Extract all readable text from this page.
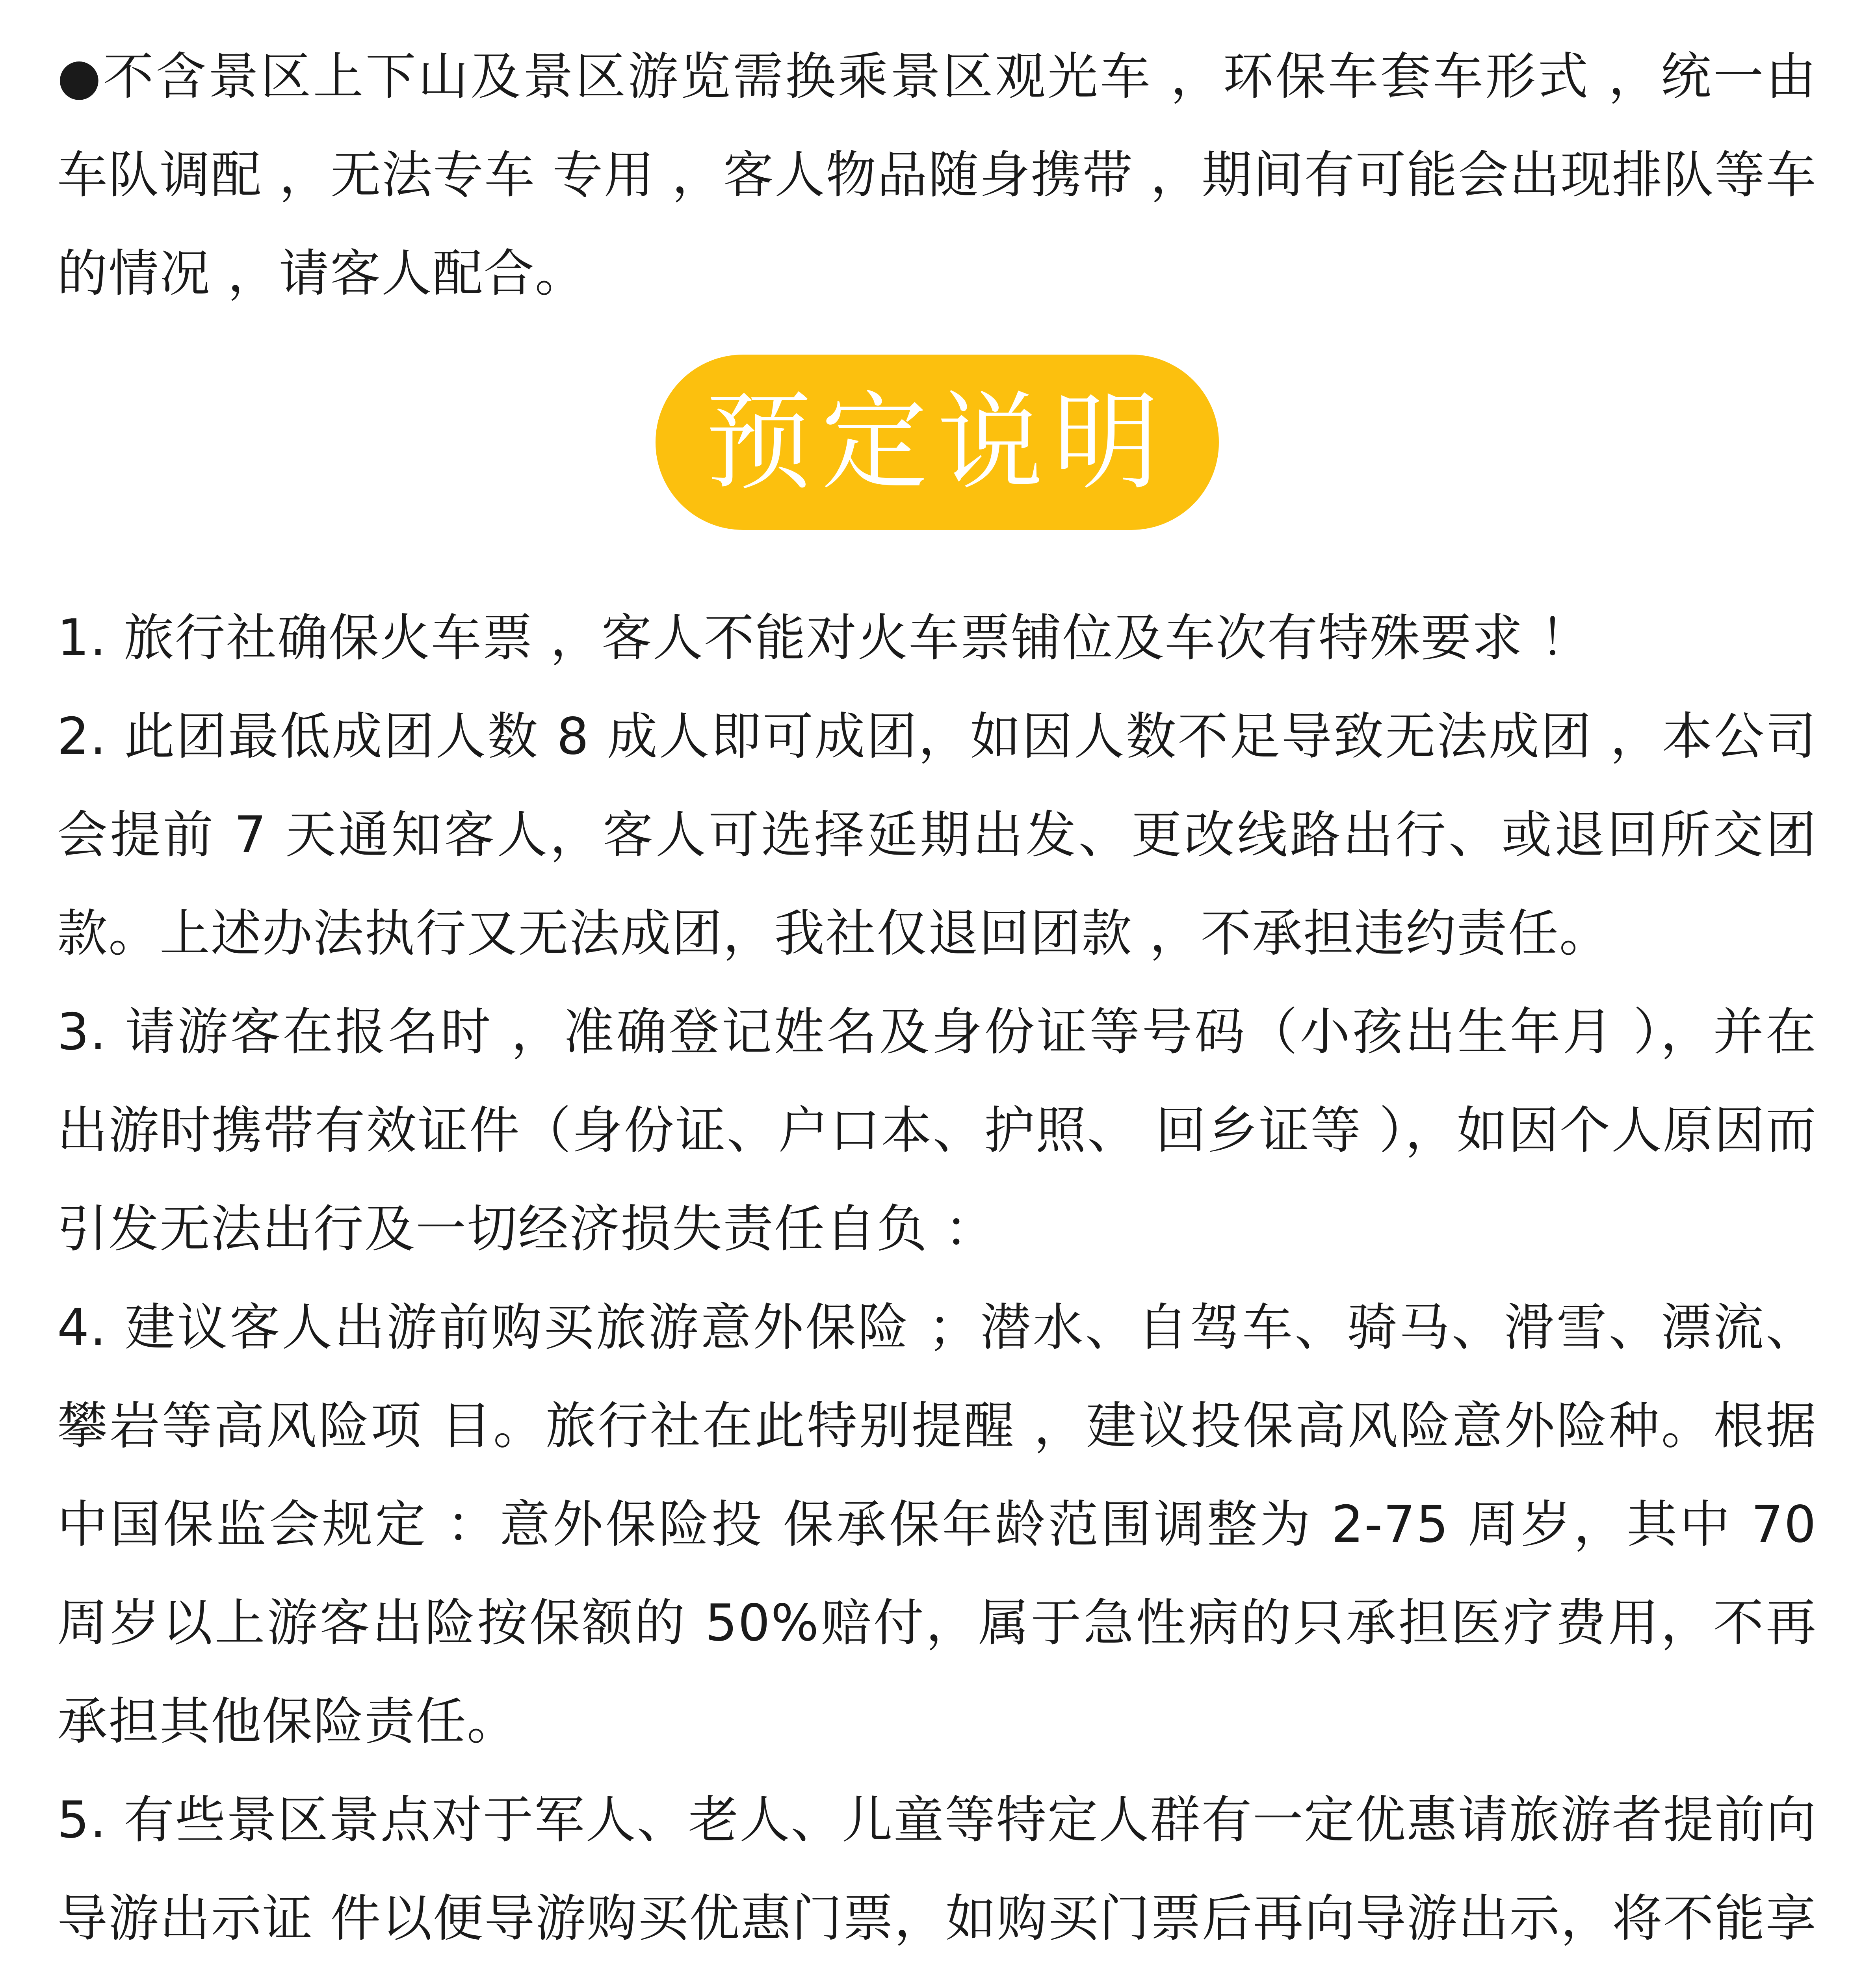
●不含景区上下山及景区游览需换乘景区观光车 ，环保车套车形式 ，统一由车队调配 ，无法专车 专用 ，客人物品随身携带 ，期间有可能会出现排队等车的情况 ，请客人配合。

预定说明

1. 旅行社确保火车票 ，客人不能对火车票铺位及车次有特殊要求 ！

2. 此团最低成团人数 8 成人即可成团，如因人数不足导致无法成团 ，本公司会提前 7 天通知客人，客人可选择延期出发、更改线路出行、或退回所交团款。上述办法执行又无法成团，我社仅退回团款 ，不承担违约责任。

3. 请游客在报名时 ，准确登记姓名及身份证等号码（小孩出生年月 ），并在出游时携带有效证件（身份证、户口本、护照、 回乡证等 ），如因个人原因而引发无法出行及一切经济损失责任自负 ：

4. 建议客人出游前购买旅游意外保险 ；潜水、自驾车、骑马、滑雪、漂流、攀岩等高风险项 目。旅行社在此特别提醒 ，建议投保高风险意外险种。根据中国保监会规定 ：意外保险投 保承保年龄范围调整为 2-75 周岁，其中 70 周岁以上游客出险按保额的 50%赔付，属于急性病的只承担医疗费用，不再承担其他保险责任。

5. 有些景区景点对于军人、老人、儿童等特定人群有一定优惠请旅游者提前向导游出示证 件以便导游购买优惠门票，如购买门票后再向导游出示，将不能享
